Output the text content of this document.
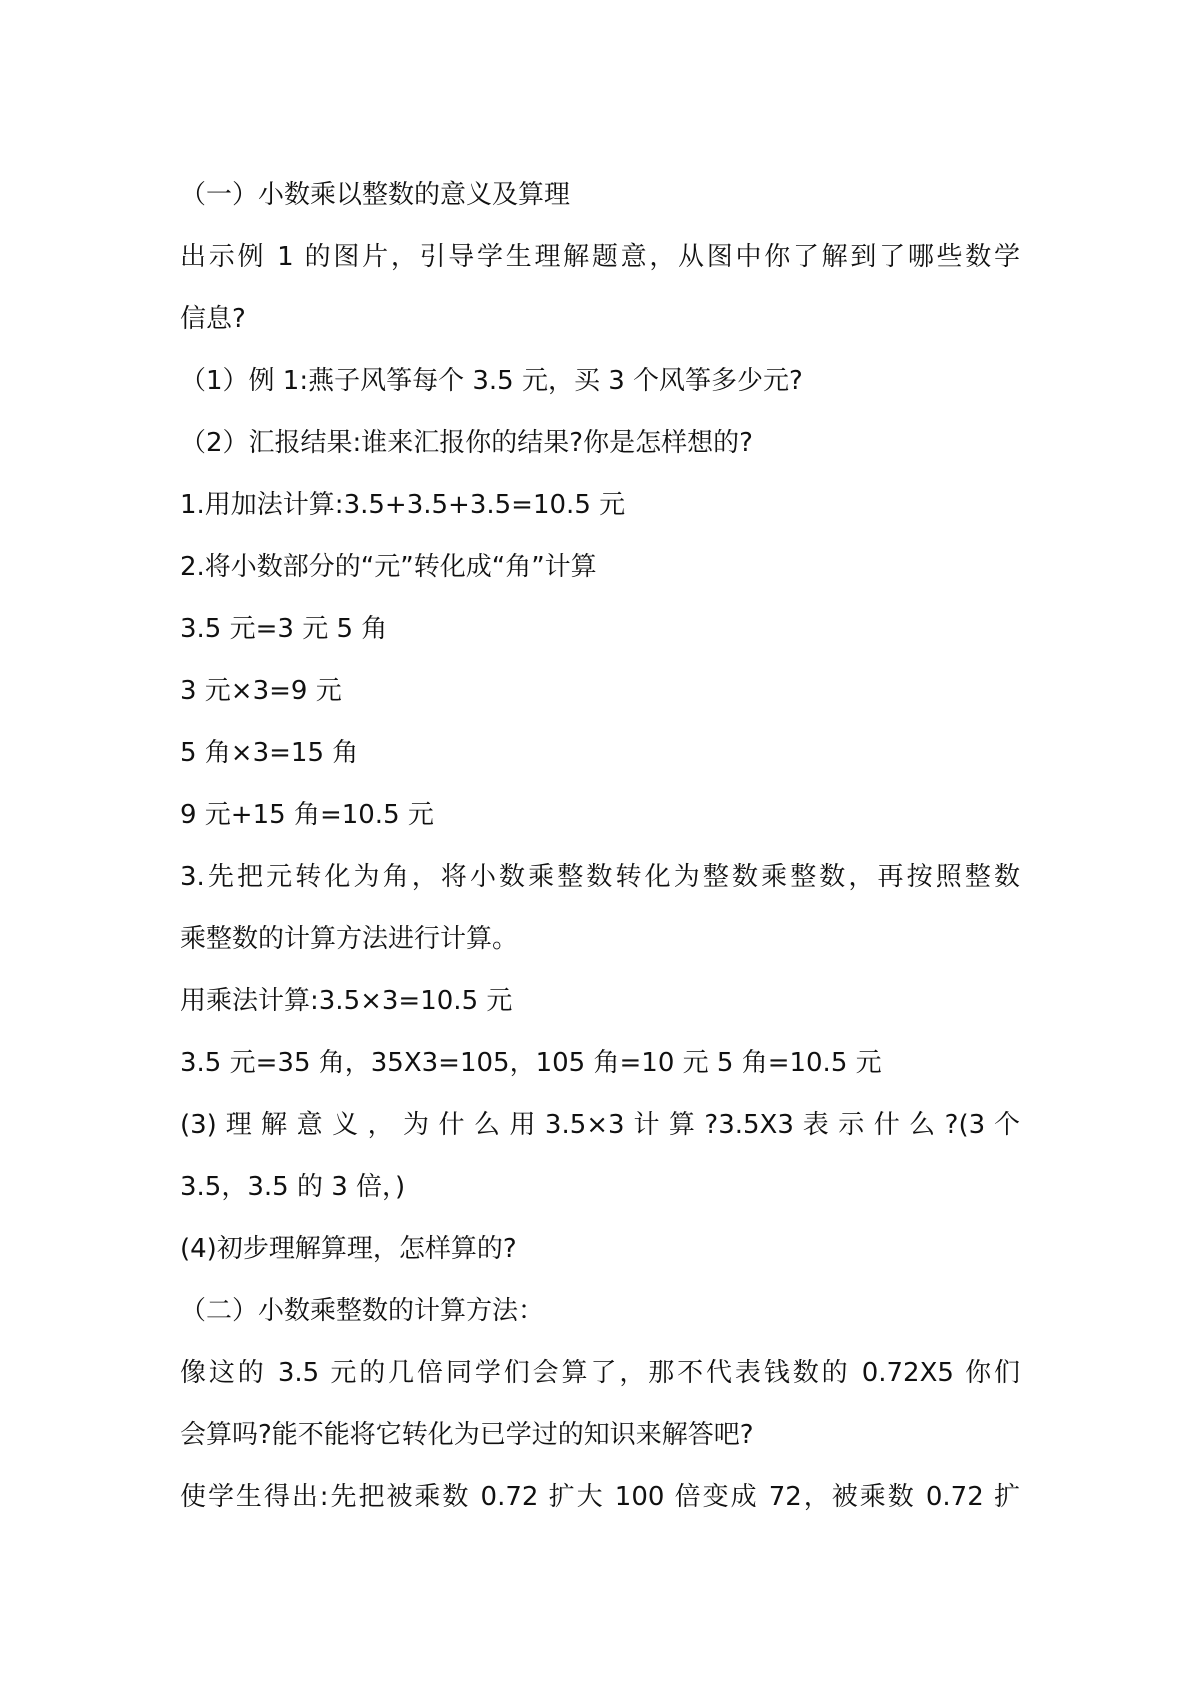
（一）小数乘以整数的意义及算理
出示例 1 的图片，引导学生理解题意，从图中你了解到了哪些数学
信息?
（1）例 1:燕子风筝每个 3.5 元，买 3 个风筝多少元?
（2）汇报结果:谁来汇报你的结果?你是怎样想的?
1.用加法计算:3.5+3.5+3.5=10.5 元
2.将小数部分的“元”转化成“角”计算
3.5 元=3 元 5 角
3 元×3=9 元
5 角×3=15 角
9 元+15 角=10.5 元
3.先把元转化为角，将小数乘整数转化为整数乘整数，再按照整数
乘整数的计算方法进行计算。
用乘法计算:3.5×3=10.5 元
3.5 元=35 角，35X3=105，105 角=10 元 5 角=10.5 元
(3) 理 解 意 义 ， 为 什 么 用 3.5×3 计 算 ?3.5X3 表 示 什 么 ?(3 个
3.5，3.5 的 3 倍，)
(4)初步理解算理，怎样算的?
（二）小数乘整数的计算方法：
像这的 3.5 元的几倍同学们会算了，那不代表钱数的 0.72X5 你们
会算吗?能不能将它转化为已学过的知识来解答吧?
使学生得出:先把被乘数 0.72 扩大 100 倍变成 72，被乘数 0.72 扩
